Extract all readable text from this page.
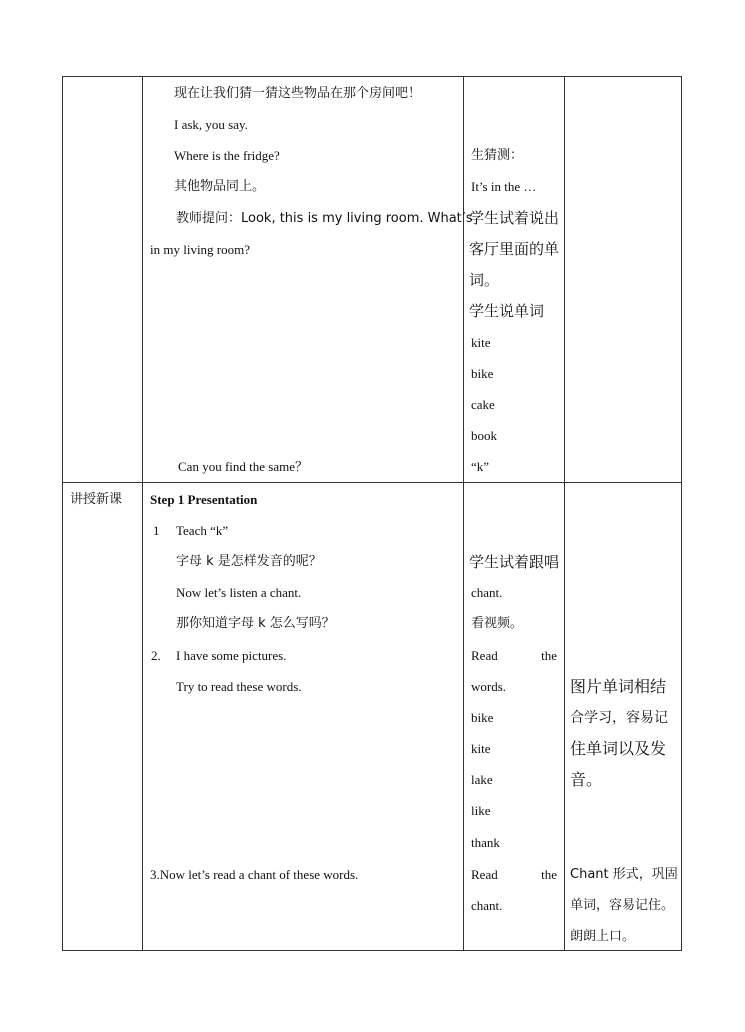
现在让我们猜一猜这些物品在那个房间吧！
I ask, you say.
Where is the fridge?
其他物品同上。
教师提问：Look, this is my living room. What’s
in my living room?
Can you find the same？
生猜测：
It’s in the …
学生试着说出
客厅里面的单
词。
学生说单词
kite
bike
cake
book
“k”
讲授新课 Step 1 Presentation
1 Teach “k”
字母 k 是怎样发音的呢？
Now let’s listen a chant.
那你知道字母 k 怎么写吗？
2. I have some pictures.
Try to read these words.
3.Now let’s read a chant of these words.
学生试着跟唱
chant.
看视频。
Read	the
words.
bike
kite
lake
like
thank
Read	the
chant.
图片单词相结
合学习，容易记
住单词以及发
音。
Chant 形式，巩固
单词，容易记住。
朗朗上口。
